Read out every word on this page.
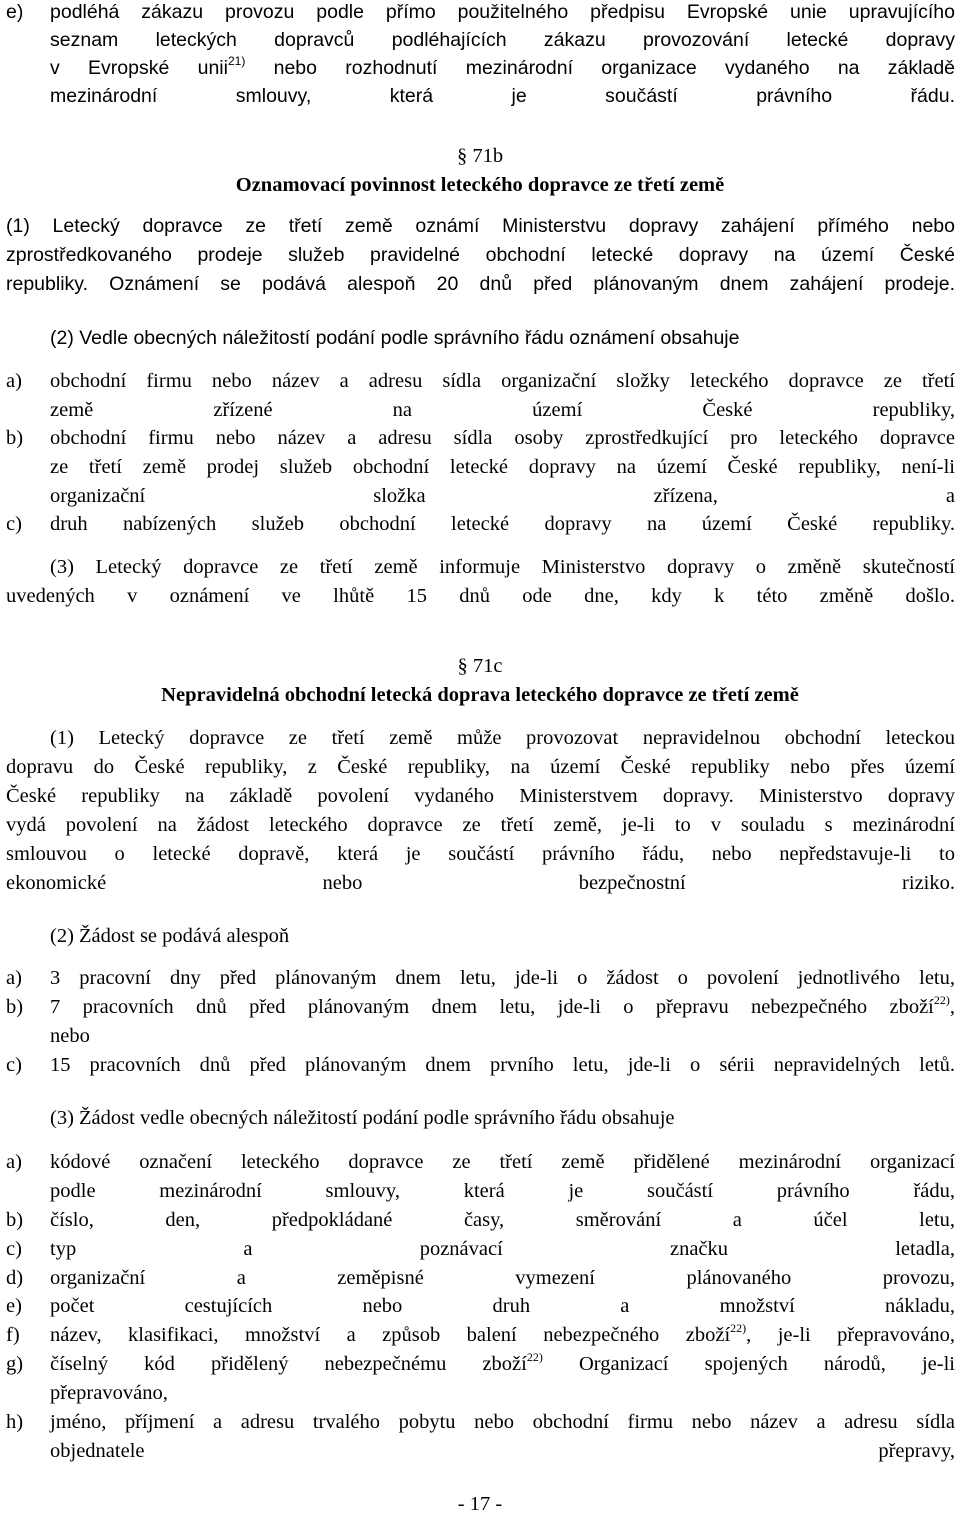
e) podléhá zákazu provozu podle přímo použitelného předpisu Evropské unie upravujícího
seznam leteckých dopravců podléhajících zákazu provozování letecké dopravy
v Evropské unii$^{21)}$ nebo rozhodnutí mezinárodní organizace vydaného na základě
mezinárodní smlouvy, která je součástí právního řádu.
§ 71b
Oznamovací povinnost leteckého dopravce ze třetí země
(1) Letecký dopravce ze třetí země oznámí Ministerstvu dopravy zahájení přímého nebo
zprostředkovaného prodeje služeb pravidelné obchodní letecké dopravy na území České
republiky. Oznámení se podává alespoň 20 dnů před plánovaným dnem zahájení prodeje.
(2) Vedle obecných náležitostí podání podle správního řádu oznámení obsahuje
a) obchodní firmu nebo název a adresu sídla organizační složky leteckého dopravce ze třetí
země zřízené na území České republiky,
b) obchodní firmu nebo název a adresu sídla osoby zprostředkující pro leteckého dopravce
ze třetí země prodej služeb obchodní letecké dopravy na území České republiky, není-li
organizační složka zřízena, a
c) druh nabízených služeb obchodní letecké dopravy na území České republiky.
(3) Letecký dopravce ze třetí země informuje Ministerstvo dopravy o změně skutečností
uvedených v oznámení ve lhůtě 15 dnů ode dne, kdy k této změně došlo.
§ 71c
Nepravidelná obchodní letecká doprava leteckého dopravce ze třetí země
(1) Letecký dopravce ze třetí země může provozovat nepravidelnou obchodní leteckou
dopravu do České republiky, z České republiky, na území České republiky nebo přes území
České republiky na základě povolení vydaného Ministerstvem dopravy. Ministerstvo dopravy
vydá povolení na žádost leteckého dopravce ze třetí země, je-li to v souladu s mezinárodní
smlouvou o letecké dopravě, která je součástí právního řádu, nebo nepředstavuje-li to
ekonomické nebo bezpečnostní riziko.
(2) Žádost se podává alespoň
a) 3 pracovní dny před plánovaným dnem letu, jde-li o žádost o povolení jednotlivého letu,
b) 7 pracovních dnů před plánovaným dnem letu, jde-li o přepravu nebezpečného zboží$^{22)}$,
nebo
c) 15 pracovních dnů před plánovaným dnem prvního letu, jde-li o sérii nepravidelných letů.
(3) Žádost vedle obecných náležitostí podání podle správního řádu obsahuje
a) kódové označení leteckého dopravce ze třetí země přidělené mezinárodní organizací
podle mezinárodní smlouvy, která je součástí právního řádu,
b) číslo, den, předpokládané časy, směrování a účel letu,
c) typ a poznávací značku letadla,
d) organizační a zeměpisné vymezení plánovaného provozu,
e) počet cestujících nebo druh a množství nákladu,
f) název, klasifikaci, množství a způsob balení nebezpečného zboží$^{22)}$, je-li přepravováno,
g) číselný kód přidělený nebezpečnému zboží$^{22)}$ Organizací spojených národů, je-li
přepravováno,
h) jméno, příjmení a adresu trvalého pobytu nebo obchodní firmu nebo název a adresu sídla
objednatele přepravy,
- 17 -
